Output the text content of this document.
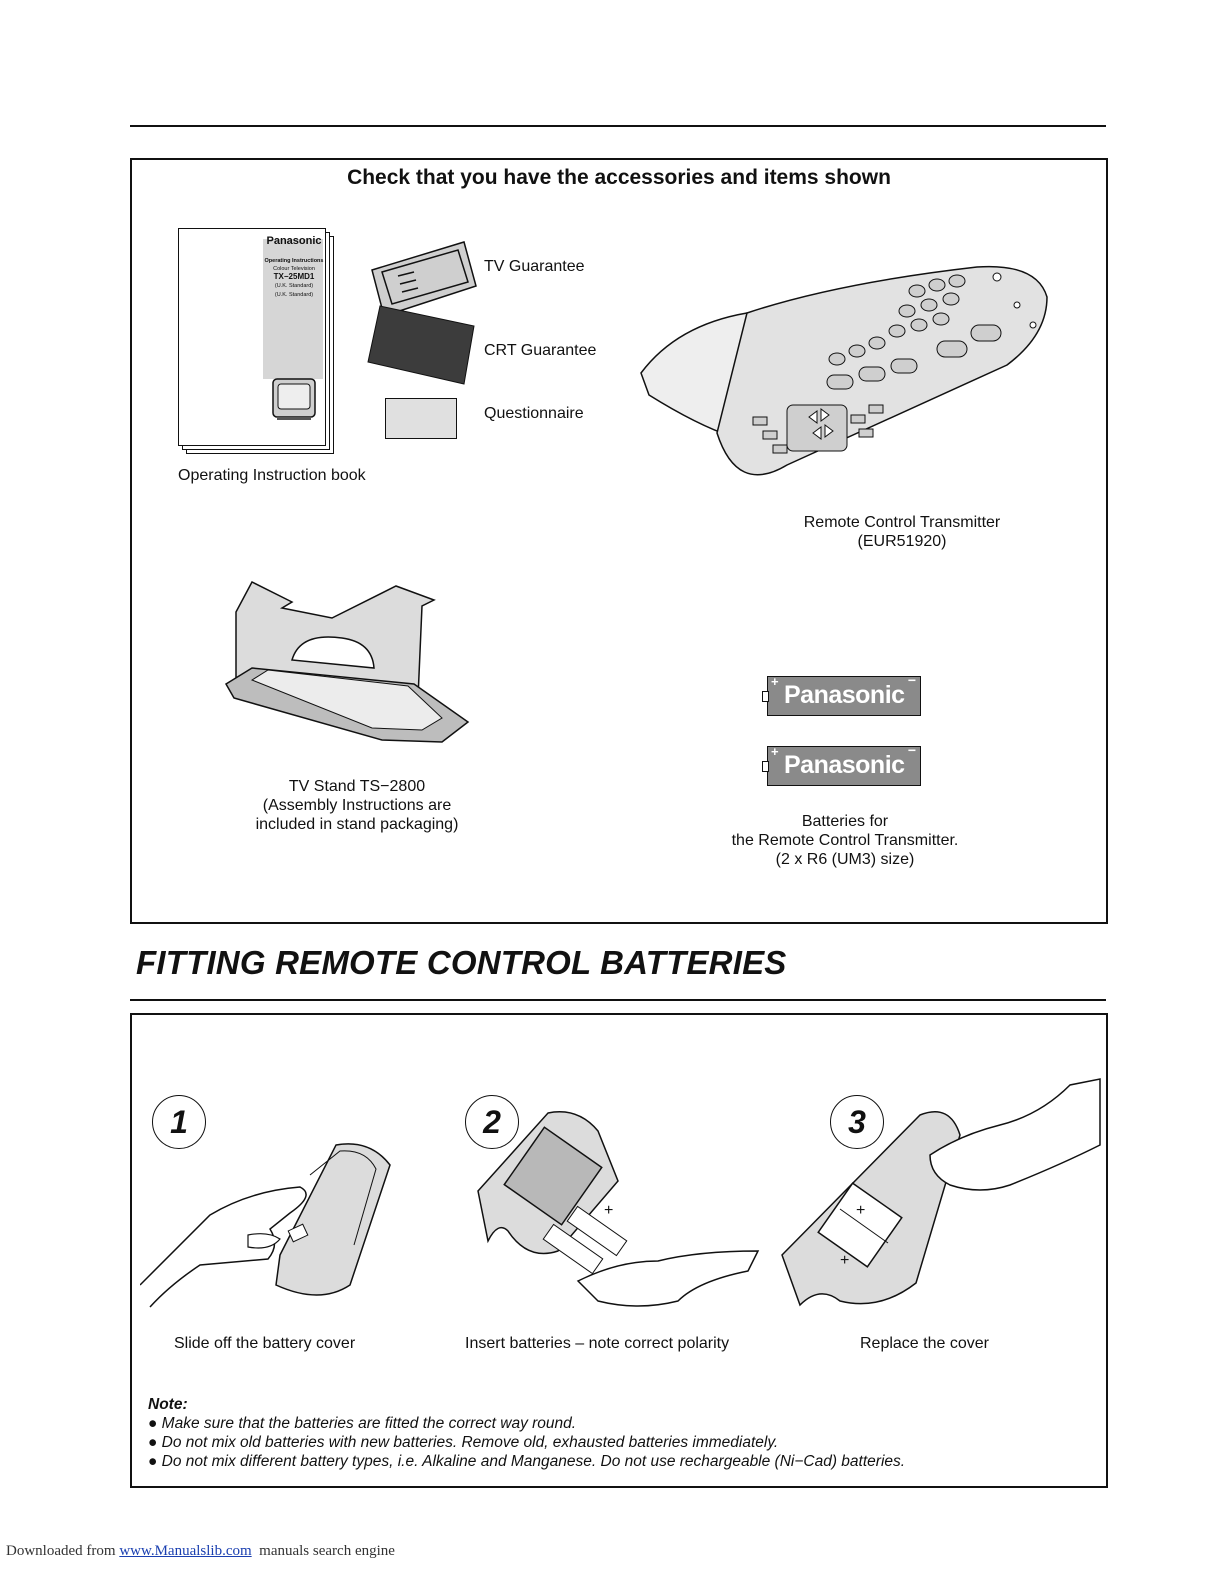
Check that you have the accessories and items shown
Panasonic
Operating Instructions
Colour Television
TX−25MD1
(U.K. Standard)
(U.K. Standard)
Operating Instruction book
TV Guarantee
CRT Guarantee
Questionnaire
Remote Control Transmitter
(EUR51920)
TV Stand TS−2800
(Assembly Instructions are
included in stand packaging)
+ Panasonic
−
+ Panasonic
−
Batteries for
the Remote Control Transmitter.
(2 x R6 (UM3) size)
FITTING REMOTE CONTROL BATTERIES
1
Slide off the battery cover
2
+
Insert batteries – note correct polarity
3
+
+
Replace the cover
Note:
● Make sure that the batteries are fitted the correct way round.
● Do not mix old batteries with new batteries. Remove old, exhausted batteries immediately.
● Do not mix different battery types, i.e. Alkaline and Manganese. Do not use rechargeable (Ni−Cad) batteries.
Downloaded from www.Manualslib.com  manuals search engine
